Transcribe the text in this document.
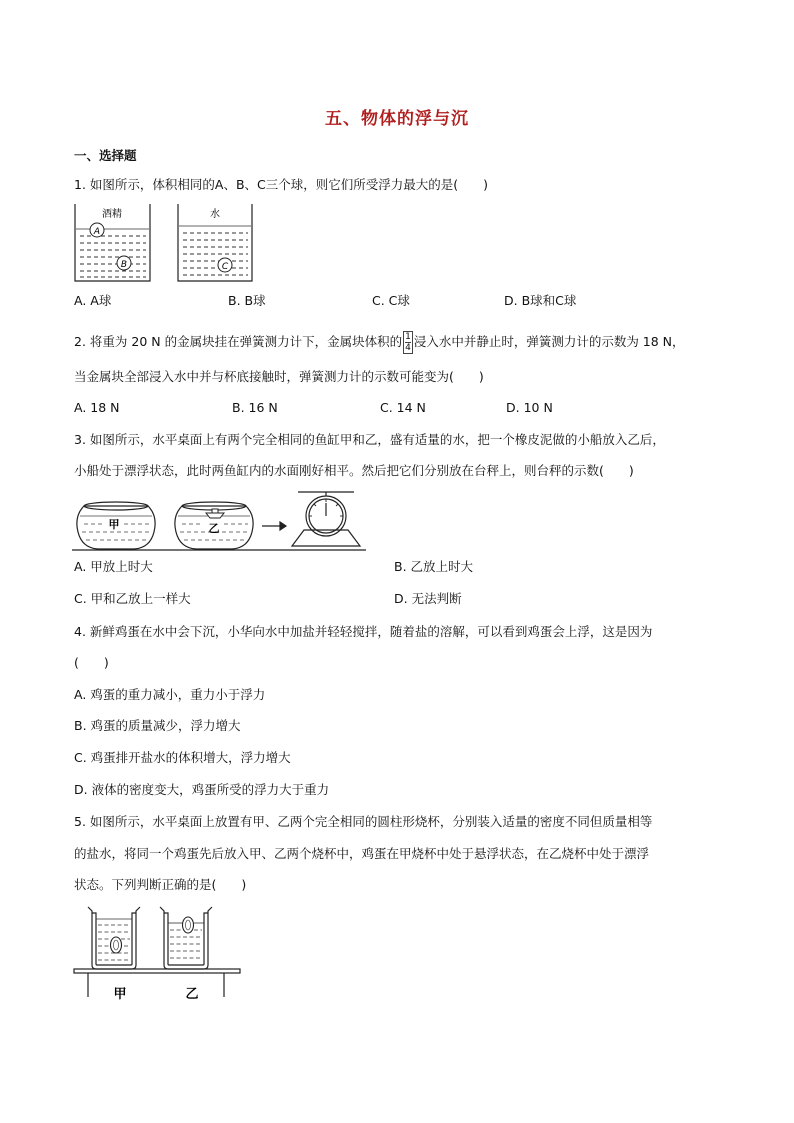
五、物体的浮与沉
一、选择题
1. 如图所示，体积相同的A、B、C三个球，则它们所受浮力最大的是(　　)
酒精
A
B
水
C
A. A球	B. B球	C. C球	D. B球和C球
2. 将重为 20 N 的金属块挂在弹簧测力计下，金属块体积的 $\frac{1}{4}$ 浸入水中并静止时，弹簧测力计的示数为 18 N，
当金属块全部浸入水中并与杯底接触时，弹簧测力计的示数可能变为(　　)
A. 18 N	B. 16 N	C. 14 N	D. 10 N
3. 如图所示，水平桌面上有两个完全相同的鱼缸甲和乙，盛有适量的水，把一个橡皮泥做的小船放入乙后，
小船处于漂浮状态，此时两鱼缸内的水面刚好相平。然后把它们分别放在台秤上，则台秤的示数(　　)
甲	乙
A. 甲放上时大	B. 乙放上时大
C. 甲和乙放上一样大	D. 无法判断
4. 新鲜鸡蛋在水中会下沉，小华向水中加盐并轻轻搅拌，随着盐的溶解，可以看到鸡蛋会上浮，这是因为
(　　)
A. 鸡蛋的重力减小，重力小于浮力
B. 鸡蛋的质量减少，浮力增大
C. 鸡蛋排开盐水的体积增大，浮力增大
D. 液体的密度变大，鸡蛋所受的浮力大于重力
5. 如图所示，水平桌面上放置有甲、乙两个完全相同的圆柱形烧杯，分别装入适量的密度不同但质量相等
的盐水，将同一个鸡蛋先后放入甲、乙两个烧杯中，鸡蛋在甲烧杯中处于悬浮状态，在乙烧杯中处于漂浮
状态。下列判断正确的是(　　)
甲	乙
